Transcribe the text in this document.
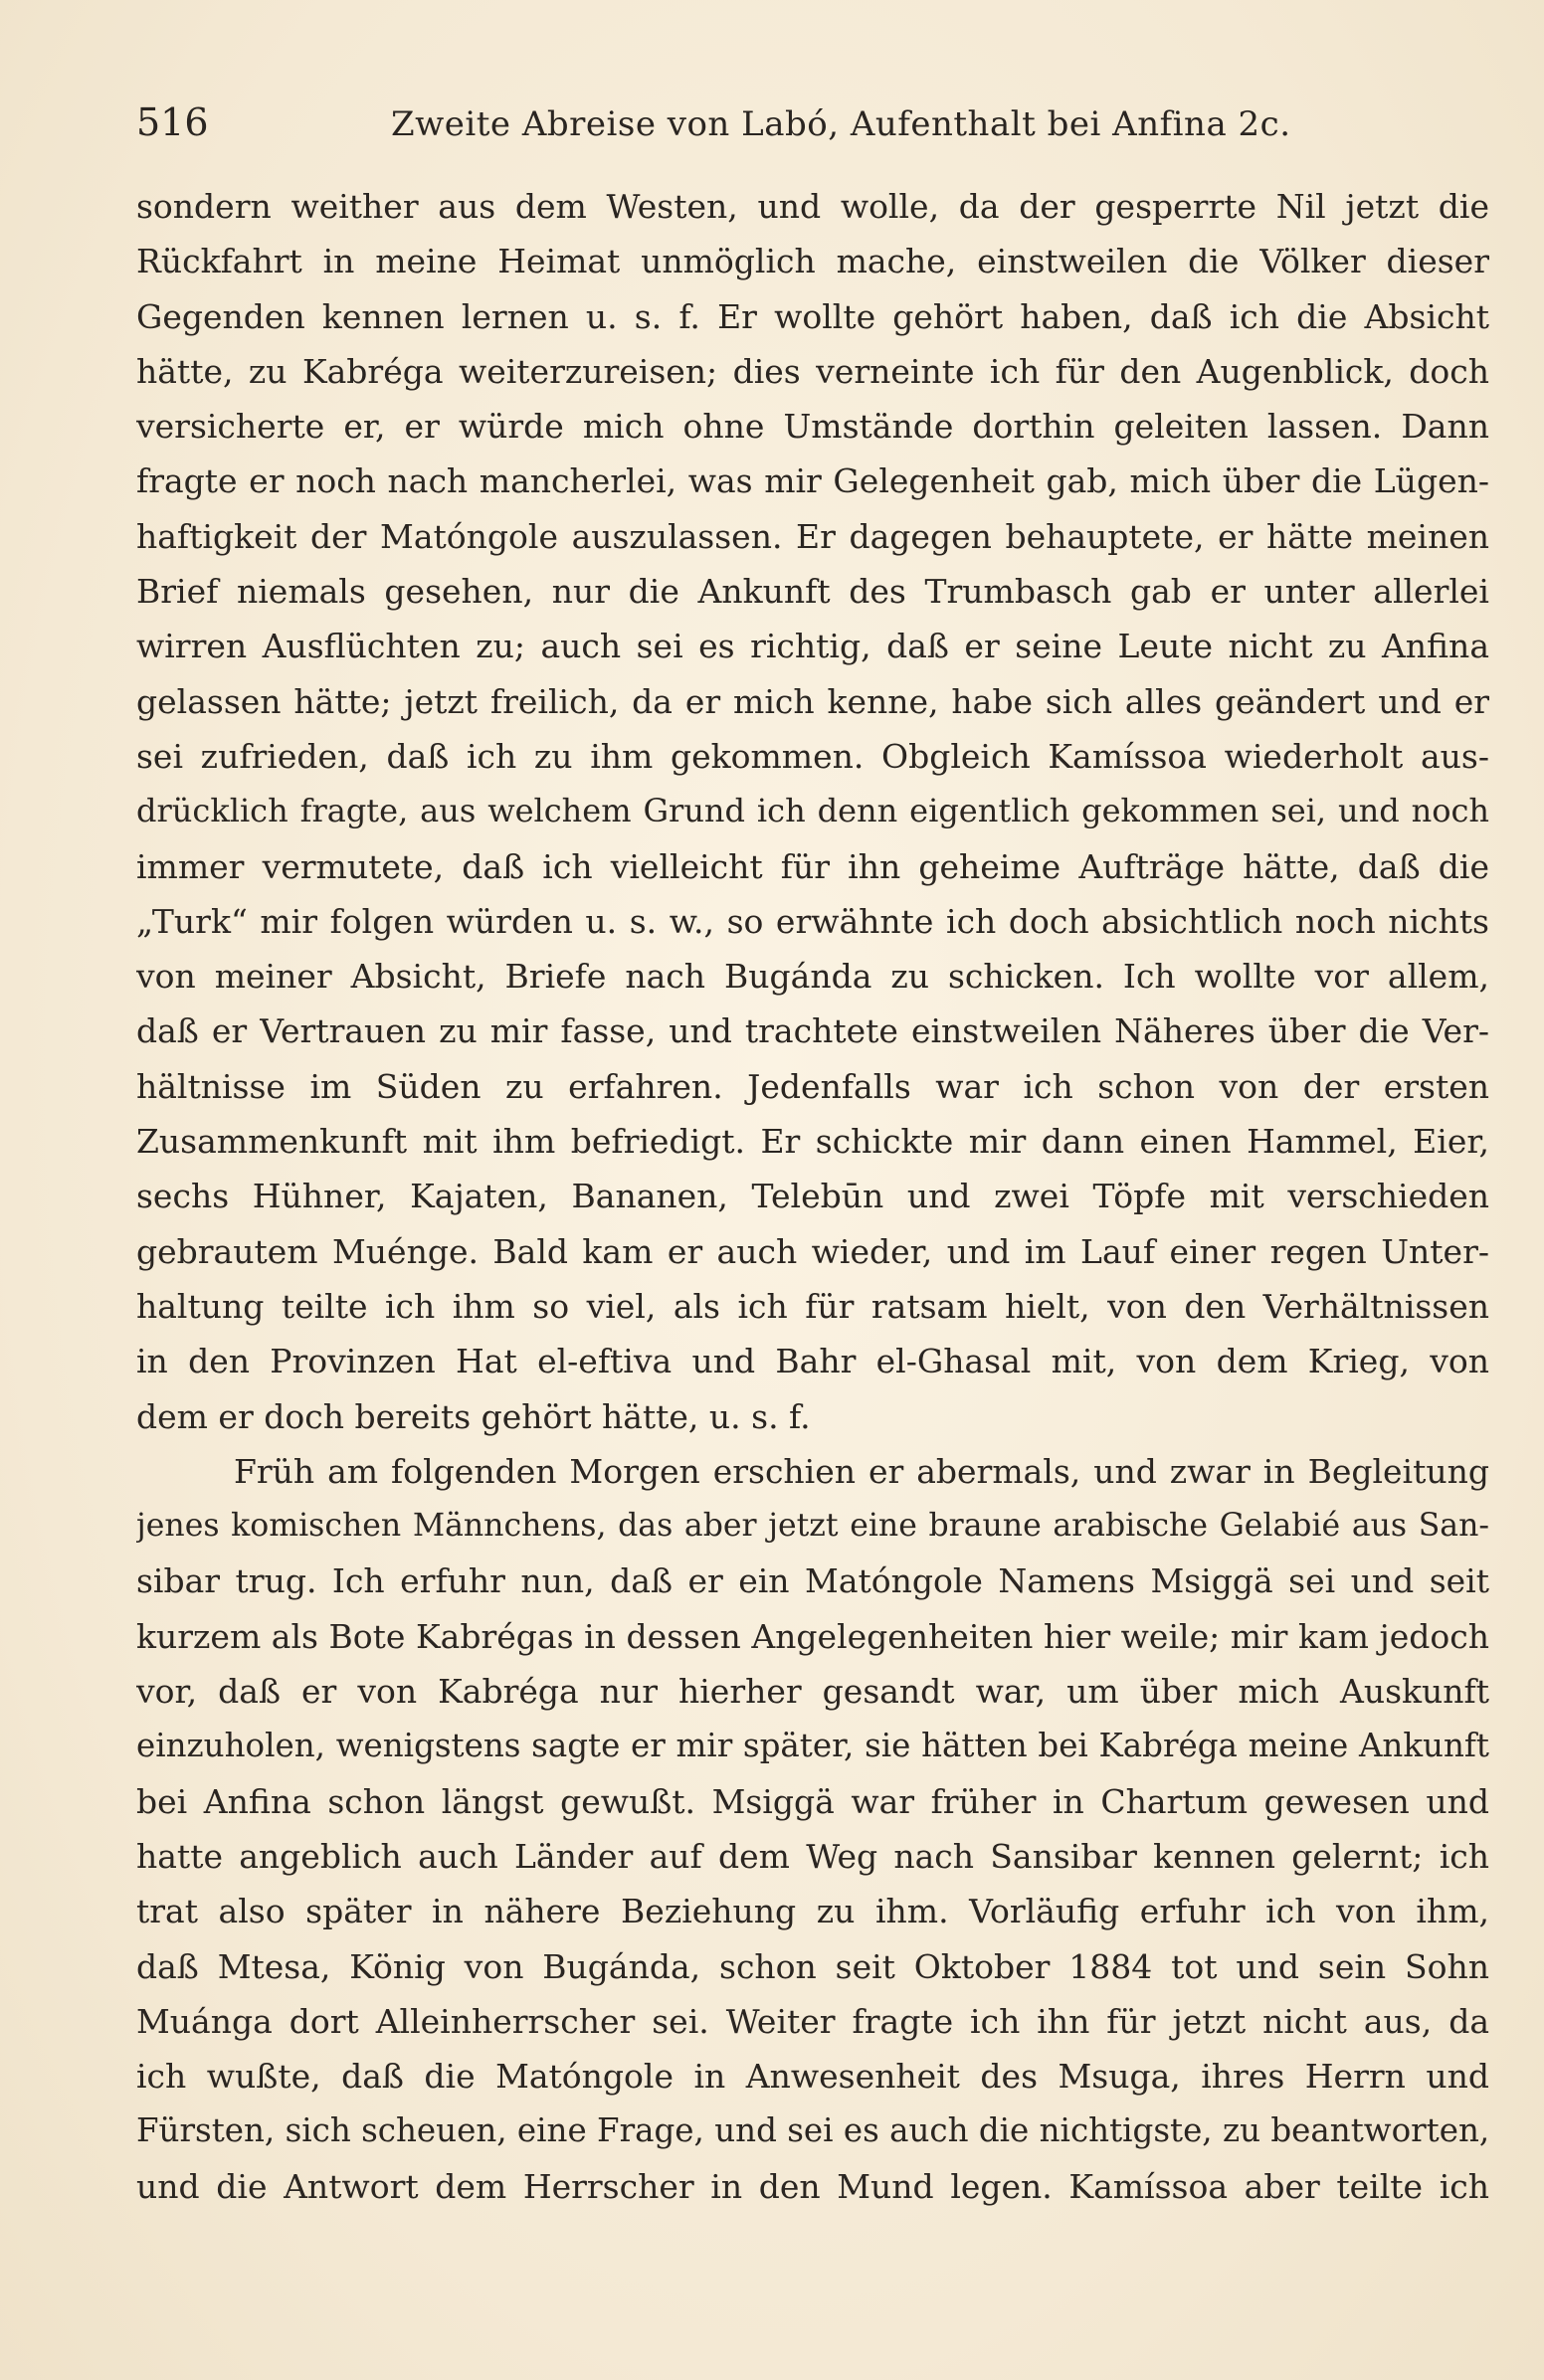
516	Zweite Abreise von Labó, Aufenthalt bei Anfina 2c.
sondern weither aus dem Westen, und wolle, da der gesperrte Nil jetzt die
Rückfahrt in meine Heimat unmöglich mache, einstweilen die Völker dieser
Gegenden kennen lernen u. s. f. Er wollte gehört haben, daß ich die Absicht
hätte, zu Kabréga weiterzureisen; dies verneinte ich für den Augenblick, doch
versicherte er, er würde mich ohne Umstände dorthin geleiten lassen. Dann
fragte er noch nach mancherlei, was mir Gelegenheit gab, mich über die Lügen-
haftigkeit der Matóngole auszulassen. Er dagegen behauptete, er hätte meinen
Brief niemals gesehen, nur die Ankunft des Trumbasch gab er unter allerlei
wirren Ausflüchten zu; auch sei es richtig, daß er seine Leute nicht zu Anfina
gelassen hätte; jetzt freilich, da er mich kenne, habe sich alles geändert und er
sei zufrieden, daß ich zu ihm gekommen. Obgleich Kamíssoa wiederholt aus-
drücklich fragte, aus welchem Grund ich denn eigentlich gekommen sei, und noch
immer vermutete, daß ich vielleicht für ihn geheime Aufträge hätte, daß die
„Turk“ mir folgen würden u. s. w., so erwähnte ich doch absichtlich noch nichts
von meiner Absicht, Briefe nach Bugánda zu schicken. Ich wollte vor allem,
daß er Vertrauen zu mir fasse, und trachtete einstweilen Näheres über die Ver-
hältnisse im Süden zu erfahren. Jedenfalls war ich schon von der ersten
Zusammenkunft mit ihm befriedigt. Er schickte mir dann einen Hammel, Eier,
sechs Hühner, Kajaten, Bananen, Telebūn und zwei Töpfe mit verschieden
gebrautem Muénge. Bald kam er auch wieder, und im Lauf einer regen Unter-
haltung teilte ich ihm so viel, als ich für ratsam hielt, von den Verhältnissen
in den Provinzen Hat el-eftiva und Bahr el-Ghasal mit, von dem Krieg, von
dem er doch bereits gehört hätte, u. s. f.
Früh am folgenden Morgen erschien er abermals, und zwar in Begleitung
jenes komischen Männchens, das aber jetzt eine braune arabische Gelabié aus San-
sibar trug. Ich erfuhr nun, daß er ein Matóngole Namens Msiggä sei und seit
kurzem als Bote Kabrégas in dessen Angelegenheiten hier weile; mir kam jedoch
vor, daß er von Kabréga nur hierher gesandt war, um über mich Auskunft
einzuholen, wenigstens sagte er mir später, sie hätten bei Kabréga meine Ankunft
bei Anfina schon längst gewußt. Msiggä war früher in Chartum gewesen und
hatte angeblich auch Länder auf dem Weg nach Sansibar kennen gelernt; ich
trat also später in nähere Beziehung zu ihm. Vorläufig erfuhr ich von ihm,
daß Mtesa, König von Bugánda, schon seit Oktober 1884 tot und sein Sohn
Muánga dort Alleinherrscher sei. Weiter fragte ich ihn für jetzt nicht aus, da
ich wußte, daß die Matóngole in Anwesenheit des Msuga, ihres Herrn und
Fürsten, sich scheuen, eine Frage, und sei es auch die nichtigste, zu beantworten,
und die Antwort dem Herrscher in den Mund legen. Kamíssoa aber teilte ich
